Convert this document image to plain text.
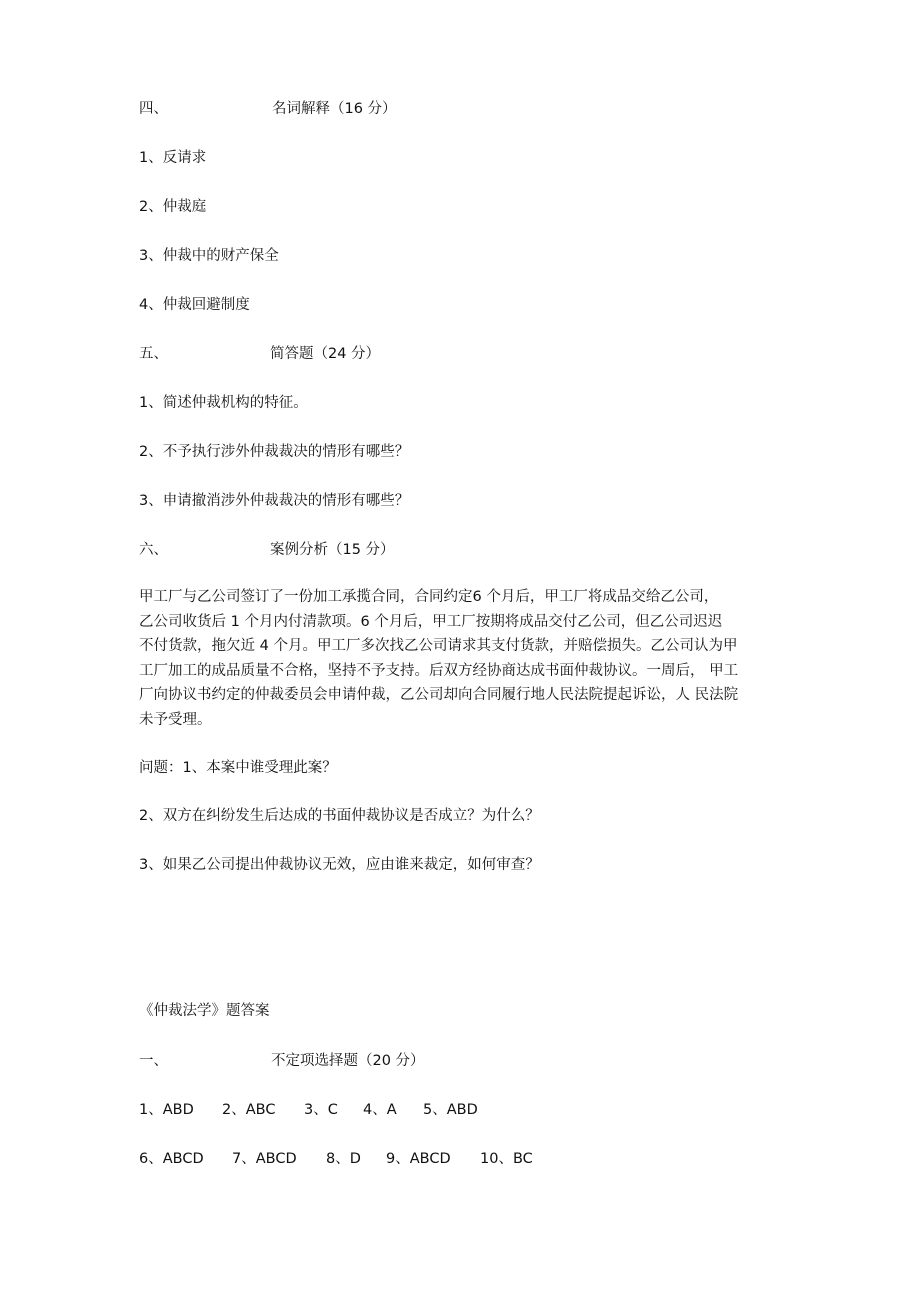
四、	名词解释（16 分）
1、反请求
2、仲裁庭
3、仲裁中的财产保全
4、仲裁回避制度
五、	简答题（24 分）
1、简述仲裁机构的特征。
2、不予执行涉外仲裁裁决的情形有哪些？
3、申请撤消涉外仲裁裁决的情形有哪些？
六、	案例分析（15 分）
甲工厂与乙公司签订了一份加工承揽合同，合同约定6 个月后，甲工厂将成品交给乙公司，
乙公司收货后 1 个月内付清款项。6 个月后，甲工厂按期将成品交付乙公司，但乙公司迟迟
不付货款，拖欠近 4 个月。甲工厂多次找乙公司请求其支付货款，并赔偿损失。乙公司认为甲
工厂加工的成品质量不合格，坚持不予支持。后双方经协商达成书面仲裁协议。一周后， 甲工
厂向协议书约定的仲裁委员会申请仲裁，乙公司却向合同履行地人民法院提起诉讼，人 民法院
未予受理。
问题：1、本案中谁受理此案？
2、双方在纠纷发生后达成的书面仲裁协议是否成立？为什么？
3、如果乙公司提出仲裁协议无效，应由谁来裁定，如何审查？
《仲裁法学》题答案
一、	不定项选择题（20 分）
1、ABD 2、ABC 3、C 4、A 5、ABD
6、ABCD 7、ABCD 8、D 9、ABCD 10、BC
